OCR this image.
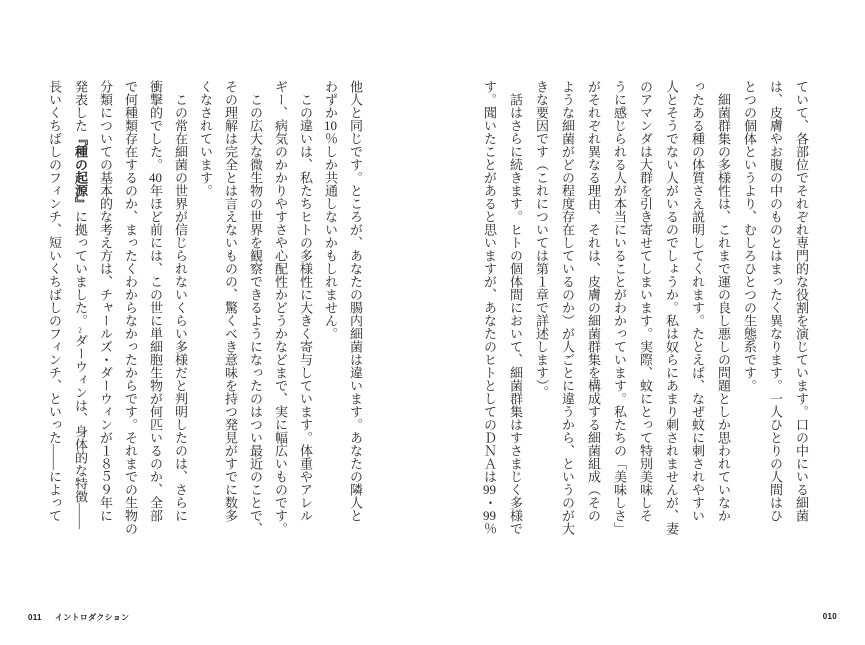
ていて、各部位でそれぞれ専門的な役割を演じています。口の中にいる細菌

は、皮膚やお腹の中のものとはまったく異なります。一人ひとりの人間はひ

とつの個体というより、むしろひとつの生態系です。

　細菌群集の多様性は、これまで運の良し悪しの問題としか思われていなか

ったある種の体質さえ説明してくれます。たとえば、なぜ蚊に刺されやすい

人とそうでない人がいるのでしょうか。私は奴らにあまり刺されませんが、妻

のアマンダは大群を引き寄せてしまいます。実際、蚊にとって特別美味しそ

うに感じられる人が本当にいることがわかっています。私たちの「美味しさ」

がそれぞれ異なる理由、それは、皮膚の細菌群集を構成する細菌組成（その

ような細菌がどの程度存在しているのか）が人ごとに違うから、というのが大

きな要因です（これについては第１章で詳述します）。

　話はさらに続きます。ヒトの個体間において、細菌群集はすさまじく多様で

す。聞いたことがあると思いますが、あなたのヒトとしてのＤＮＡは99・99％

010

他人と同じです。ところが、あなたの腸内細菌は違います。あなたの隣人と

わずか10％しか共通しないかもしれません。

　この違いは、私たちヒトの多様性に大きく寄与しています。体重やアレル

ギー、病気のかかりやすさや心配性かどうかなどまで、実に幅広いものです。

　この広大な微生物の世界を観察できるようになったのはつい最近のことで、

その理解は完全とは言えないものの、驚くべき意味を持つ発見がすでに数多

くなされています。

　この常在細菌の世界が信じられないくらい多様だと判明したのは、さらに

衝撃的でした。40年ほど前には、この世に単細胞生物が何匹いるのか、全部

で何種類存在するのか、まったくわからなかったからです。それまでの生物の

分類についての基本的な考え方は、チャールズ・ダーウィンが１８５９年に

発表した『種の起源』に拠っていました。2ダーウィンは、身体的な特徴――

長いくちばしのフィンチ、短いくちばしのフィンチ、といった――によって

011 イントロダクション
